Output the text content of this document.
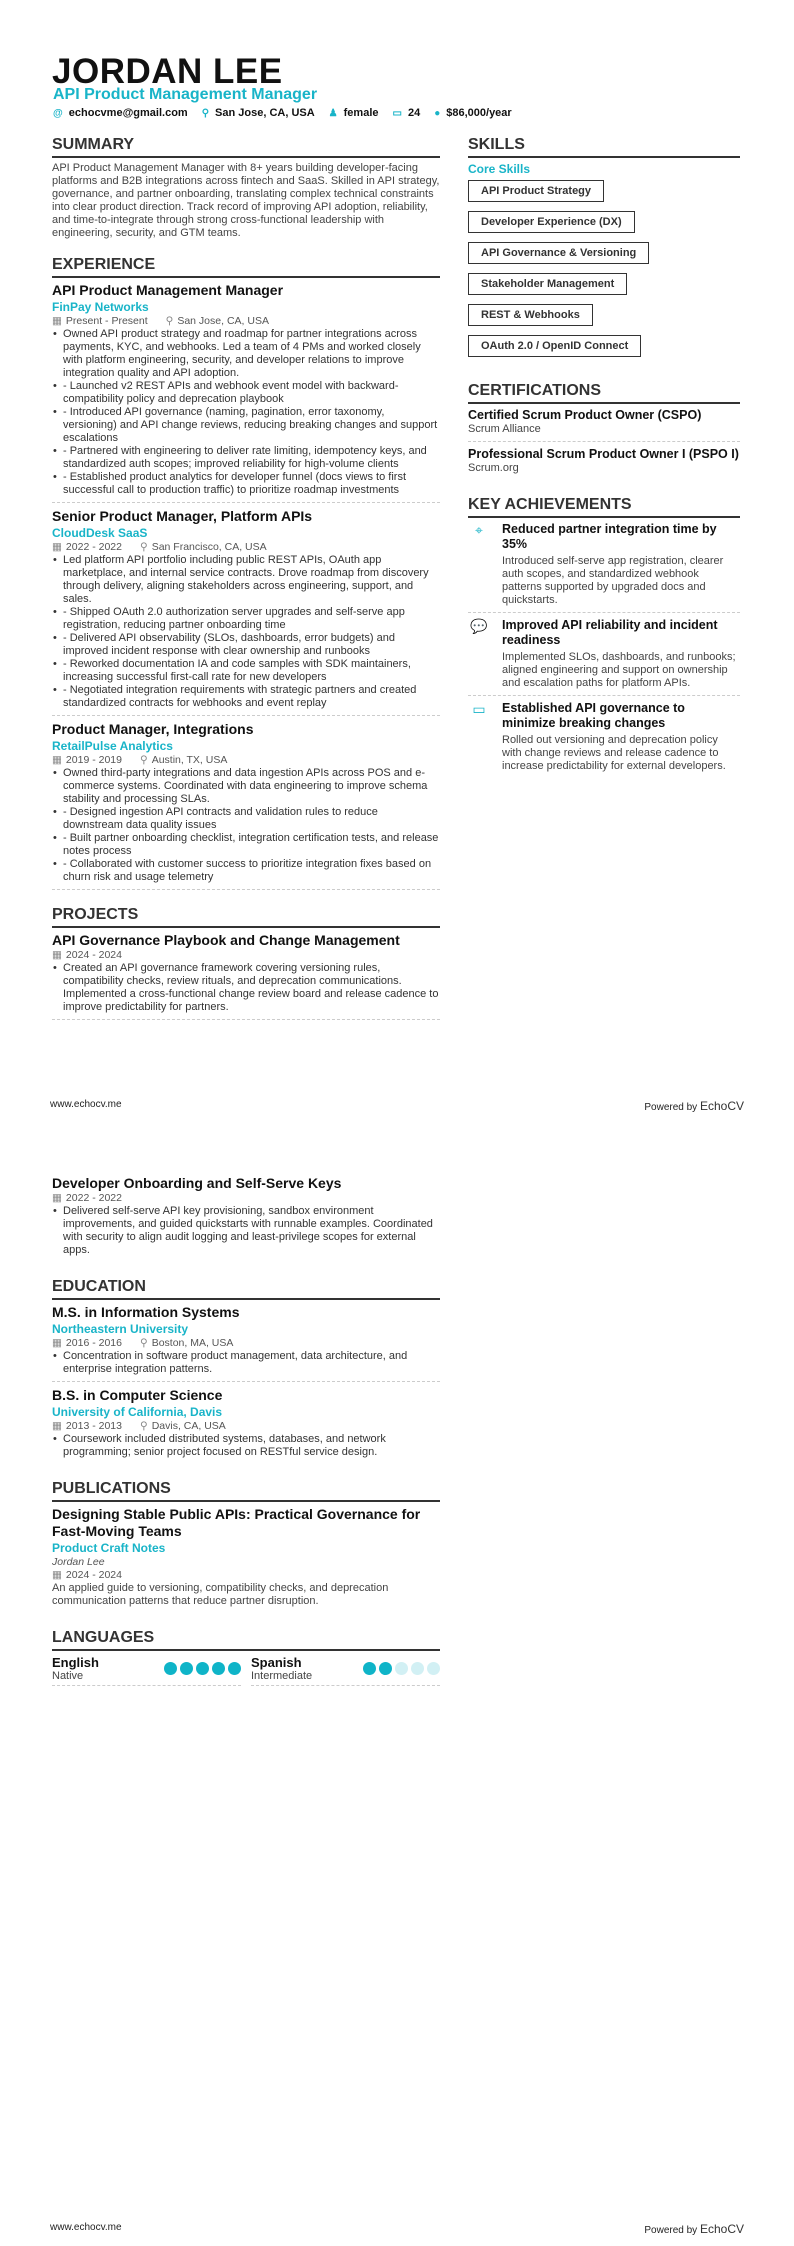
JORDAN LEE
API Product Management Manager
@ echocvme@gmail.com ⚲ San Jose, CA, USA ♟ female ▭ 24 ● $86,000/year
SUMMARY
API Product Management Manager with 8+ years building developer-facing platforms and B2B integrations across fintech and SaaS. Skilled in API strategy, governance, and partner onboarding, translating complex technical constraints into clear product direction. Track record of improving API adoption, reliability, and time-to-integrate through strong cross-functional leadership with engineering, security, and GTM teams.
EXPERIENCE
API Product Management Manager
FinPay Networks
▦ Present - Present ⚲ San Jose, CA, USA
• Owned API product strategy and roadmap for partner integrations across payments, KYC, and webhooks. Led a team of 4 PMs and worked closely with platform engineering, security, and developer relations to improve integration quality and API adoption.
• - Launched v2 REST APIs and webhook event model with backward-compatibility policy and deprecation playbook
• - Introduced API governance (naming, pagination, error taxonomy, versioning) and API change reviews, reducing breaking changes and support escalations
• - Partnered with engineering to deliver rate limiting, idempotency keys, and standardized auth scopes; improved reliability for high-volume clients
• - Established product analytics for developer funnel (docs views to first successful call to production traffic) to prioritize roadmap investments
Senior Product Manager, Platform APIs
CloudDesk SaaS
▦ 2022 - 2022 ⚲ San Francisco, CA, USA
• Led platform API portfolio including public REST APIs, OAuth app marketplace, and internal service contracts. Drove roadmap from discovery through delivery, aligning stakeholders across engineering, support, and sales.
• - Shipped OAuth 2.0 authorization server upgrades and self-serve app registration, reducing partner onboarding time
• - Delivered API observability (SLOs, dashboards, error budgets) and improved incident response with clear ownership and runbooks
• - Reworked documentation IA and code samples with SDK maintainers, increasing successful first-call rate for new developers
• - Negotiated integration requirements with strategic partners and created standardized contracts for webhooks and event replay
Product Manager, Integrations
RetailPulse Analytics
▦ 2019 - 2019 ⚲ Austin, TX, USA
• Owned third-party integrations and data ingestion APIs across POS and e-commerce systems. Coordinated with data engineering to improve schema stability and processing SLAs.
• - Designed ingestion API contracts and validation rules to reduce downstream data quality issues
• - Built partner onboarding checklist, integration certification tests, and release notes process
• - Collaborated with customer success to prioritize integration fixes based on churn risk and usage telemetry
PROJECTS
API Governance Playbook and Change Management
▦ 2024 - 2024
• Created an API governance framework covering versioning rules, compatibility checks, review rituals, and deprecation communications. Implemented a cross-functional change review board and release cadence to improve predictability for partners.
SKILLS
Core Skills
API Product Strategy
Developer Experience (DX)
API Governance & Versioning
Stakeholder Management
REST & Webhooks
OAuth 2.0 / OpenID Connect
CERTIFICATIONS
Certified Scrum Product Owner (CSPO)
Scrum Alliance
Professional Scrum Product Owner I (PSPO I)
Scrum.org
KEY ACHIEVEMENTS
⌖	Reduced partner integration time by 35%
Introduced self-serve app registration, clearer auth scopes, and standardized webhook patterns supported by upgraded docs and quickstarts.
💬 Improved API reliability and incident readiness
Implemented SLOs, dashboards, and runbooks; aligned engineering and support on ownership and escalation paths for platform APIs.
▭	Established API governance to minimize breaking changes
Rolled out versioning and deprecation policy with change reviews and release cadence to increase predictability for external developers.
www.echocv.me	Powered by EchoCV
Developer Onboarding and Self-Serve Keys
▦ 2022 - 2022
• Delivered self-serve API key provisioning, sandbox environment improvements, and guided quickstarts with runnable examples. Coordinated with security to align audit logging and least-privilege scopes for external apps.
EDUCATION
M.S. in Information Systems
Northeastern University
▦ 2016 - 2016 ⚲ Boston, MA, USA
• Concentration in software product management, data architecture, and enterprise integration patterns.
B.S. in Computer Science
University of California, Davis
▦ 2013 - 2013 ⚲ Davis, CA, USA
• Coursework included distributed systems, databases, and network programming; senior project focused on RESTful service design.
PUBLICATIONS
Designing Stable Public APIs: Practical Governance for Fast-Moving Teams
Product Craft Notes
Jordan Lee
▦ 2024 - 2024
An applied guide to versioning, compatibility checks, and deprecation communication patterns that reduce partner disruption.
LANGUAGES
English
Native
Spanish
Intermediate
www.echocv.me	Powered by EchoCV
